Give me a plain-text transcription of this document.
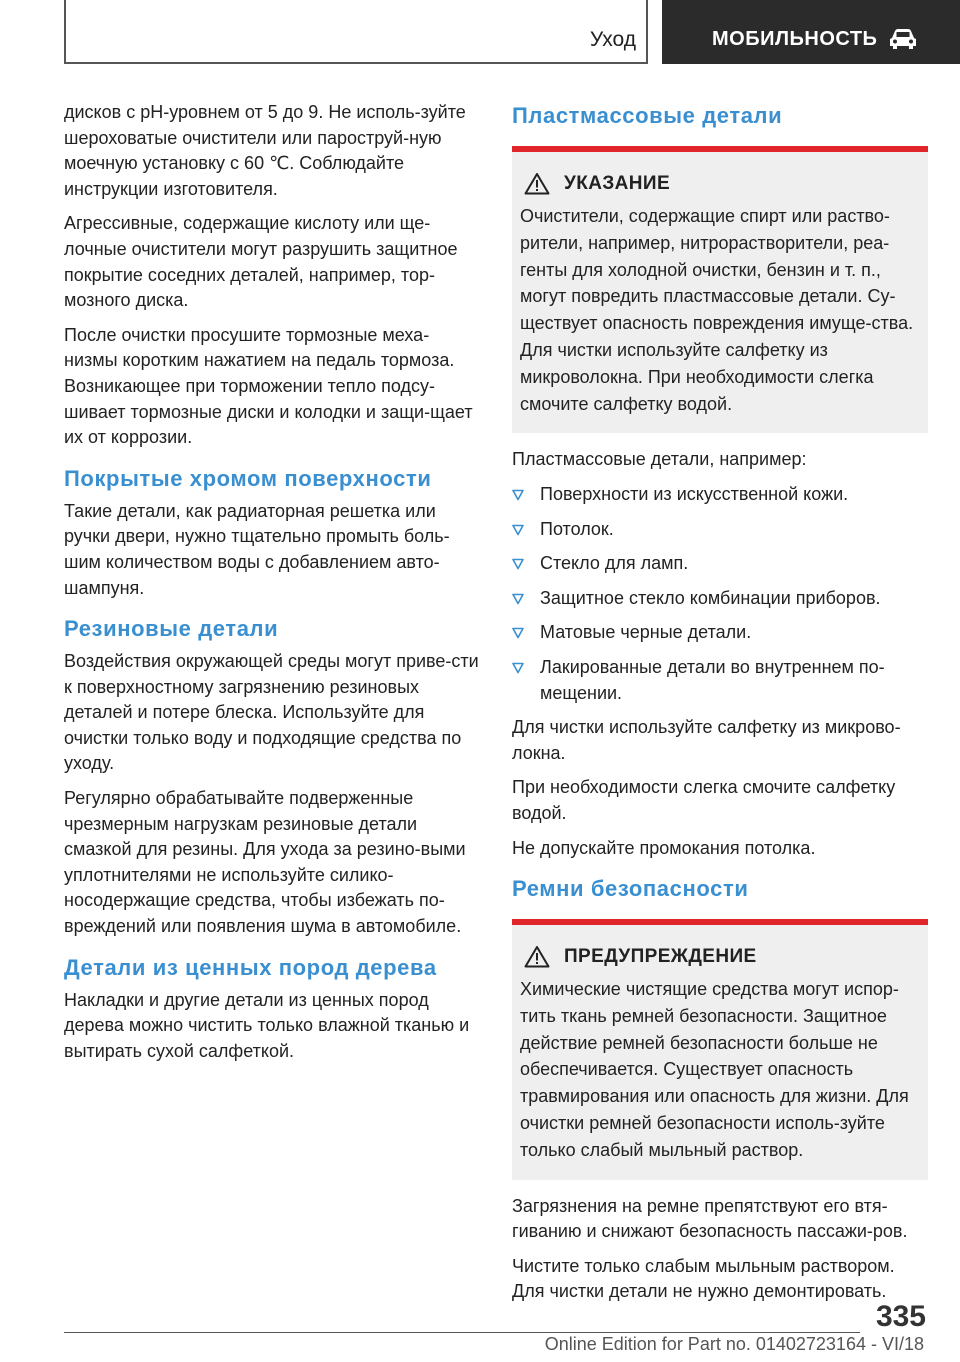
Уход	МОБИЛЬНОСТЬ

дисков с pH-уровнем от 5 до 9. Не исполь-зуйте шероховатые очистители или пароструй-ную моечную установку с 60 ℃. Соблюдайте инструкции изготовителя.

Агрессивные, содержащие кислоту или ще-лочные очистители могут разрушить защитное покрытие соседних деталей, например, тор-мозного диска.

После очистки просушите тормозные меха-низмы коротким нажатием на педаль тормоза. Возникающее при торможении тепло подсу-шивает тормозные диски и колодки и защи-щает их от коррозии.

Покрытые хромом поверхности

Такие детали, как радиаторная решетка или ручки двери, нужно тщательно промыть боль-шим количеством воды с добавлением авто-шампуня.

Резиновые детали

Воздействия окружающей среды могут приве-сти к поверхностному загрязнению резиновых деталей и потере блеска. Используйте для очистки только воду и подходящие средства по уходу.

Регулярно обрабатывайте подверженные чрезмерным нагрузкам резиновые детали смазкой для резины. Для ухода за резино-выми уплотнителями не используйте силико-носодержащие средства, чтобы избежать по-вреждений или появления шума в автомобиле.

Детали из ценных пород дерева

Накладки и другие детали из ценных пород дерева можно чистить только влажной тканью и вытирать сухой салфеткой.

Пластмассовые детали
УКАЗАНИЕ

Очистители, содержащие спирт или раство-рители, например, нитрорастворители, реа-генты для холодной очистки, бензин и т. п., могут повредить пластмассовые детали. Су-ществует опасность повреждения имуще-ства. Для чистки используйте салфетку из микроволокна. При необходимости слегка смочите салфетку водой.

Пластмассовые детали, например:

Поверхности из искусственной кожи.
Потолок.
Стекло для ламп.
Защитное стекло комбинации приборов.
Матовые черные детали.
Лакированные детали во внутреннем по-мещении.

Для чистки используйте салфетку из микрово-локна.

При необходимости слегка смочите салфетку водой.

Не допускайте промокания потолка.

Ремни безопасности
ПРЕДУПРЕЖДЕНИЕ

Химические чистящие средства могут испор-тить ткань ремней безопасности. Защитное действие ремней безопасности больше не обеспечивается. Существует опасность травмирования или опасность для жизни. Для очистки ремней безопасности исполь-зуйте только слабый мыльный раствор.

Загрязнения на ремне препятствуют его втя-гиванию и снижают безопасность пассажи-ров.

Чистите только слабым мыльным раствором. Для чистки детали не нужно демонтировать.

335
Online Edition for Part no. 01402723164 - VI/18
